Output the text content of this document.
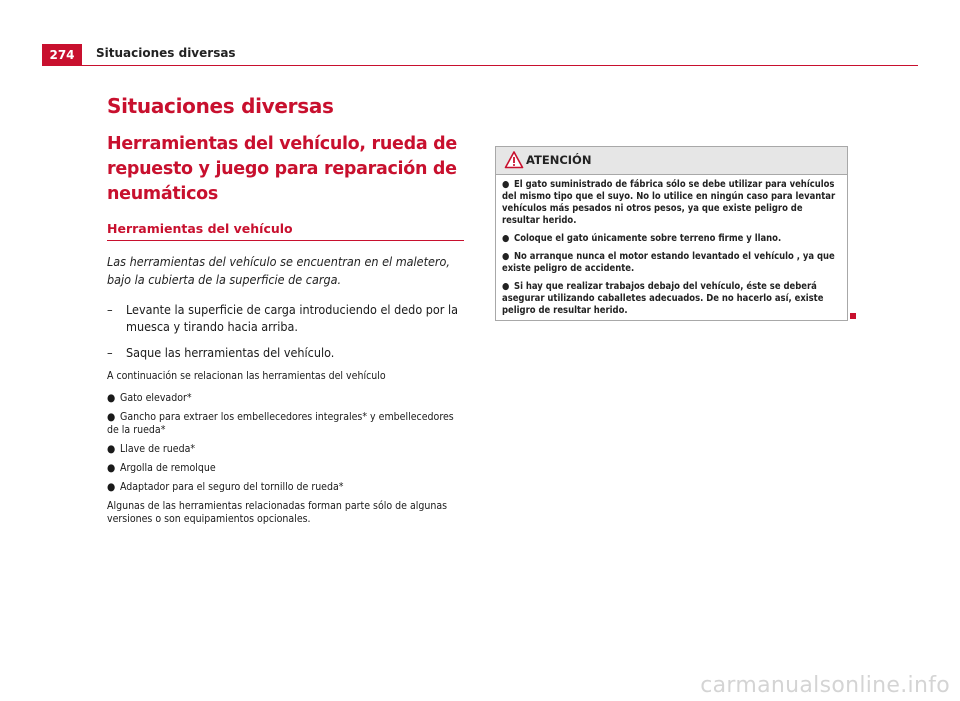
274	Situaciones diversas
Situaciones diversas
Herramientas del vehículo, rueda de repuesto y juego para reparación de neumáticos
Herramientas del vehículo

Las herramientas del vehículo se encuentran en el maletero, bajo la cubierta de la superficie de carga.

– Levante la superficie de carga introduciendo el dedo por la muesca y tirando hacia arriba.
– Saque las herramientas del vehículo.

A continuación se relacionan las herramientas del vehículo

● Gato elevador*
● Gancho para extraer los embellecedores integrales* y embellecedores de la rueda*
● Llave de rueda*
● Argolla de remolque
● Adaptador para el seguro del tornillo de rueda*

Algunas de las herramientas relacionadas forman parte sólo de algunas versiones o son equipamientos opcionales.

ATENCIÓN
● El gato suministrado de fábrica sólo se debe utilizar para vehículos del mismo tipo que el suyo. No lo utilice en ningún caso para levantar vehículos más pesados ni otros pesos, ya que existe peligro de resultar herido.
● Coloque el gato únicamente sobre terreno firme y llano.
● No arranque nunca el motor estando levantado el vehículo , ya que existe peligro de accidente.
● Si hay que realizar trabajos debajo del vehículo, éste se deberá asegurar utilizando caballetes adecuados. De no hacerlo así, existe peligro de resultar herido.
carmanualsonline.info
